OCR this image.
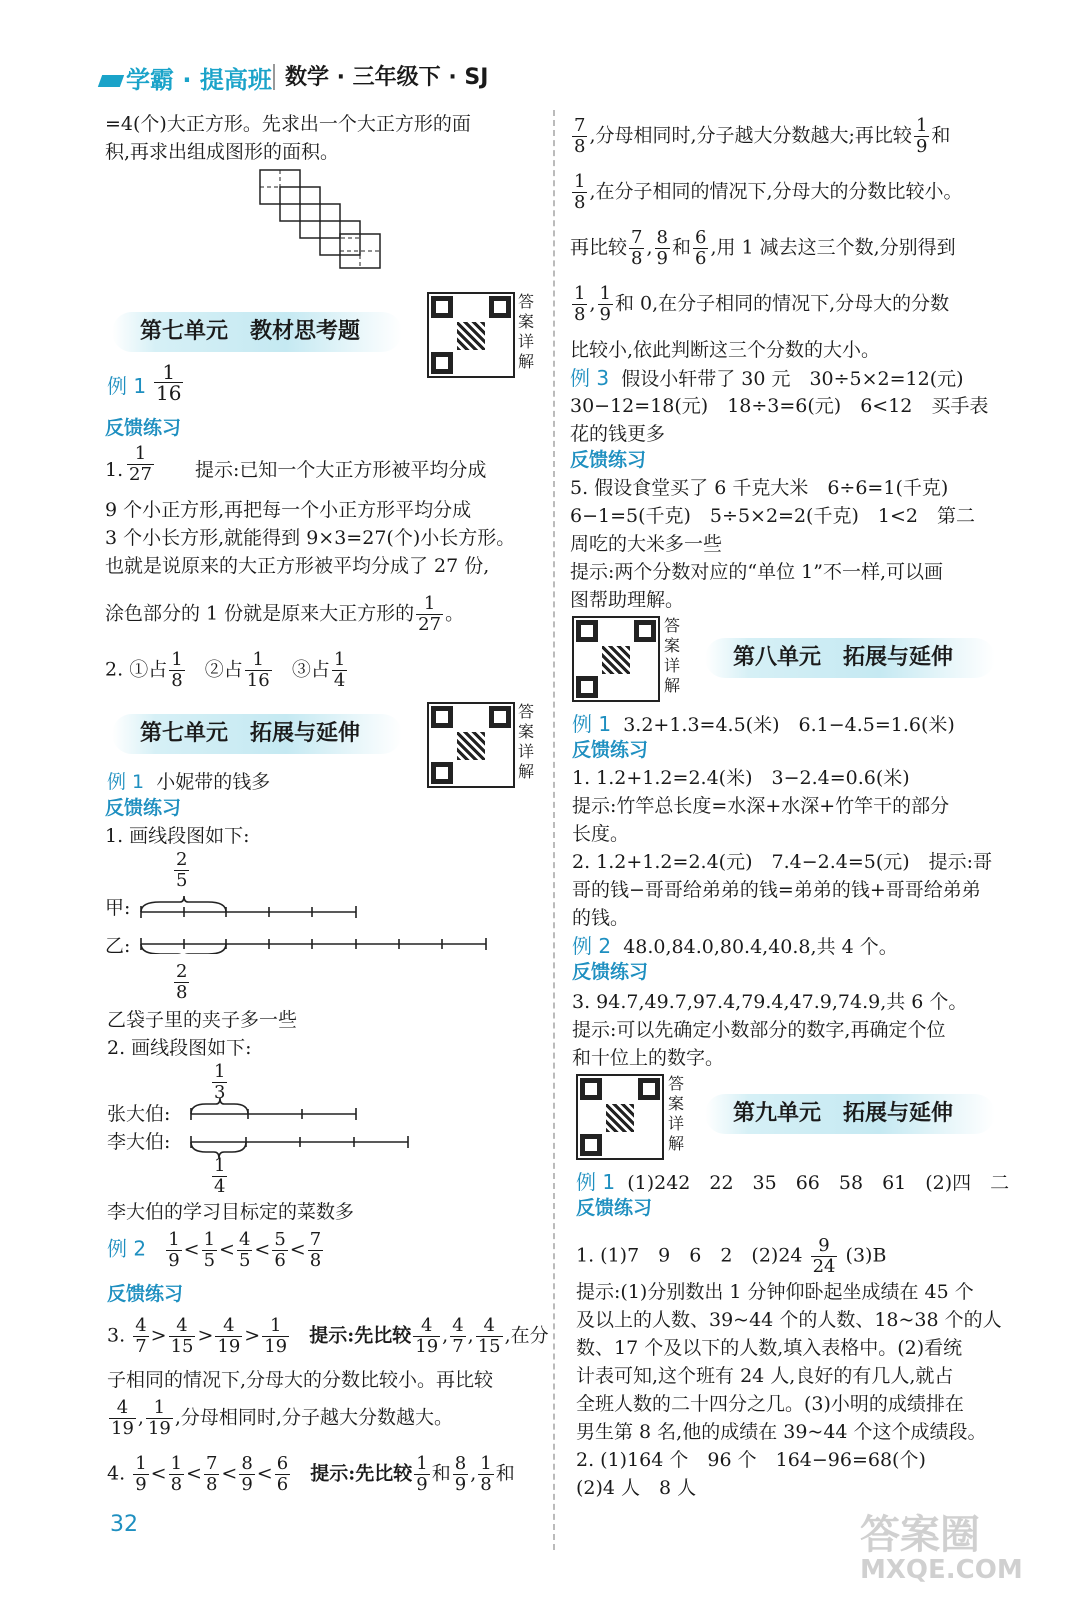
学霸 · 提高班 数学 · 三年级下 · SJ
=4(个)大正方形。先求出一个大正方形的面
积,再求出组成图形的面积。
第七单元　教材思考题
答案详解
例 $1 \frac{1}{16}$
反馈练习
1. $\frac{1}{27}$ 提示:已知一个大正方形被平均分成
9 个小正方形,再把每一个小正方形平均分成
3 个小长方形,就能得到 9×3=27(个)小长方形。
也就是说原来的大正方形被平均分成了 27 份,
涂色部分的 1 份就是原来大正方形的 $\frac{1}{27}$ 。
2. ①占 $\frac{1}{8}$ ②占 $\frac{1}{16}$ ③占 $\frac{1}{4}$
第七单元　拓展与延伸
答案详解
例 1 小妮带的钱多
反馈练习
1. 画线段图如下:
$\frac{2}{5}$
甲:
乙:
$\frac{2}{8}$
乙袋子里的夹子多一些
2. 画线段图如下:
$\frac{1}{3}$
张大伯:
李大伯:
$\frac{1}{4}$
李大伯的学习目标定的菜数多
例 $2 \frac{1}{9} < \frac{1}{5} < \frac{4}{5} < \frac{5}{6} < \frac{7}{8}$
反馈练习
3. $\frac{4}{7} > \frac{4}{15} > \frac{4}{19} > \frac{1}{19}$ 提示:先比较 $\frac{4}{19}$ , $\frac{4}{7}$ , $\frac{4}{15}$ ,在分
子相同的情况下,分母大的分数比较小。再比较
$\frac{4}{19}$ , $\frac{1}{19}$ ,分母相同时,分子越大分数越大。
4. $\frac{1}{9} < \frac{1}{8} < \frac{7}{8} < \frac{8}{9} < \frac{6}{6}$ 提示:先比较 $\frac{1}{9}$ 和 $\frac{8}{9}$ , $\frac{1}{8}$ 和
32
$\frac{7}{8}$ ,分母相同时,分子越大分数越大;再比较 $\frac{1}{9}$ 和
$\frac{1}{8}$ ,在分子相同的情况下,分母大的分数比较小。
再比较 $\frac{7}{8}$ , $\frac{8}{9}$ 和 $\frac{6}{6}$ ,用 1 减去这三个数,分别得到
$\frac{1}{8}$ , $\frac{1}{9}$ 和 0,在分子相同的情况下,分母大的分数
比较小,依此判断这三个分数的大小。
例 3 假设小轩带了 30 元　30÷5×2=12(元)
30−12=18(元)　18÷3=6(元)　6<12　买手表
花的钱更多
反馈练习
5. 假设食堂买了 6 千克大米　6÷6=1(千克)
6−1=5(千克)　5÷5×2=2(千克)　1<2　第二
周吃的大米多一些
提示:两个分数对应的“单位 1”不一样,可以画
图帮助理解。
答案详解
第八单元　拓展与延伸
例 1 3.2+1.3=4.5(米)　6.1−4.5=1.6(米)
反馈练习
1. 1.2+1.2=2.4(米)　3−2.4=0.6(米)
提示:竹竿总长度=水深+水深+竹竿干的部分
长度。
2. 1.2+1.2=2.4(元)　7.4−2.4=5(元)　提示:哥
哥的钱−哥哥给弟弟的钱=弟弟的钱+哥哥给弟弟
的钱。
例 2 48.0,84.0,80.4,40.8,共 4 个。
反馈练习
3. 94.7,49.7,97.4,79.4,47.9,74.9,共 6 个。
提示:可以先确定小数部分的数字,再确定个位
和十位上的数字。
答案详解
第九单元　拓展与延伸
例 1 (1)242　22　35　66　58　61　(2)四　二
反馈练习
1. (1)7　9　6　2　$(2)24 \frac{9}{24} (3)B$
提示:(1)分别数出 1 分钟仰卧起坐成绩在 45 个
及以上的人数、39~44 个的人数、18~38 个的人
数、17 个及以下的人数,填入表格中。(2)看统
计表可知,这个班有 24 人,良好的有几人,就占
全班人数的二十四分之几。(3)小明的成绩排在
男生第 8 名,他的成绩在 39~44 个这个成绩段。
2. (1)164 个　96 个　164−96=68(个)
(2)4 人　8 人
答案圈
MXQE.COM
